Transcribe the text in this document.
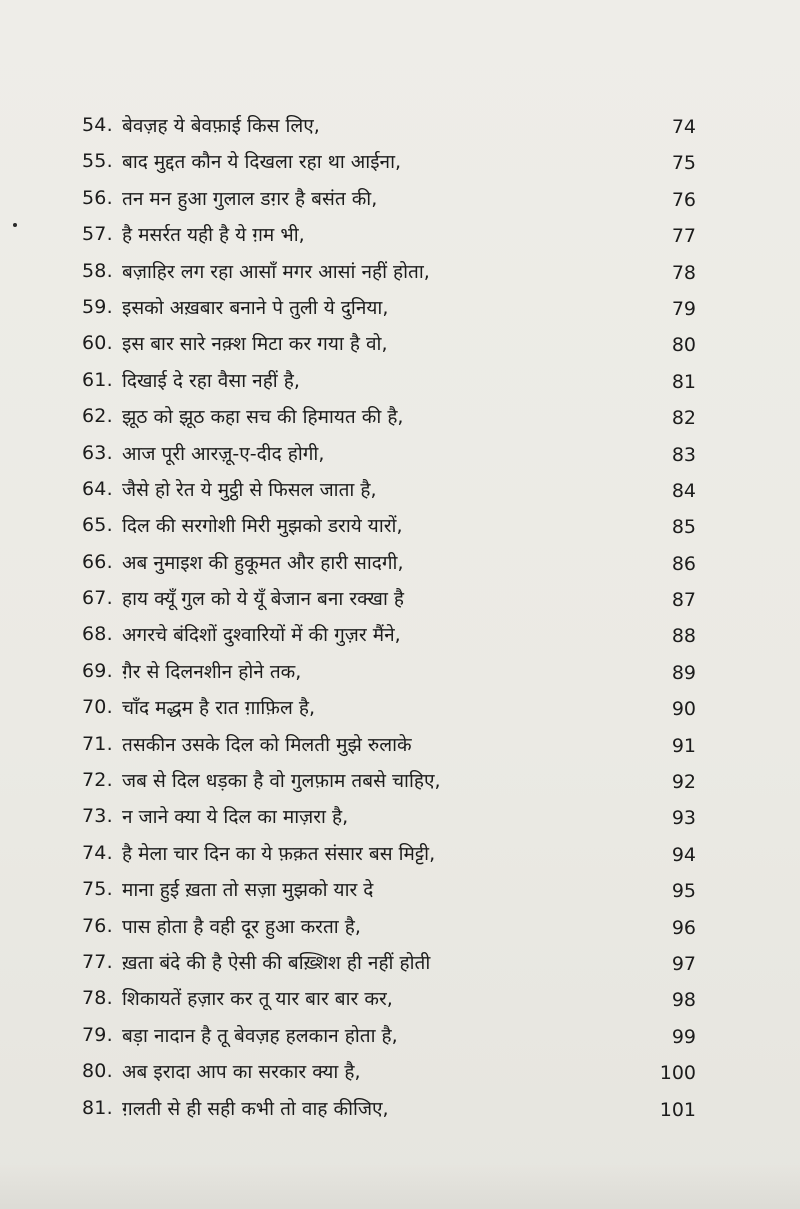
54. बेवज़ह ये बेवफ़ाई किस लिए,	74
55. बाद मुद्दत कौन ये दिखला रहा था आईना,	75
56. तन मन हुआ गुलाल डग़र है बसंत की,	76
57. है मसर्रत यही है ये ग़म भी,	77
58. बज़ाहिर लग रहा आसाँ मगर आसां नहीं होता,	78
59. इसको अख़बार बनाने पे तुली ये दुनिया,	79
60. इस बार सारे नक़्श मिटा कर गया है वो,	80
61. दिखाई दे रहा वैसा नहीं है,	81
62. झूठ को झूठ कहा सच की हिमायत की है,	82
63. आज पूरी आरज़ू-ए-दीद होगी,	83
64. जैसे हो रेत ये मुट्ठी से फिसल जाता है,	84
65. दिल की सरगोशी मिरी मुझको डराये यारों,	85
66. अब नुमाइश की हुकूमत और हारी सादगी,	86
67. हाय क्यूँ गुल को ये यूँ बेजान बना रक्खा है	87
68. अगरचे बंदिशों दुश्वारियों में की गुज़र मैंने,	88
69. ग़ैर से दिलनशीन होने तक,	89
70. चाँद मद्धम है रात ग़ाफ़िल है,	90
71. तसकीन उसके दिल को मिलती मुझे रुलाके	91
72. जब से दिल धड़का है वो गुलफ़ाम तबसे चाहिए,	92
73. न जाने क्या ये दिल का माज़रा है,	93
74. है मेला चार दिन का ये फ़क़त संसार बस मिट्टी,	94
75. माना हुई ख़ता तो सज़ा मुझको यार दे	95
76. पास होता है वही दूर हुआ करता है,	96
77. ख़ता बंदे की है ऐसी की बख़्शिश ही नहीं होती	97
78. शिकायतें हज़ार कर तू यार बार बार कर,	98
79. बड़ा नादान है तू बेवज़ह हलकान होता है,	99
80. अब इरादा आप का सरकार क्या है,	100
81. ग़लती से ही सही कभी तो वाह कीजिए,	101
